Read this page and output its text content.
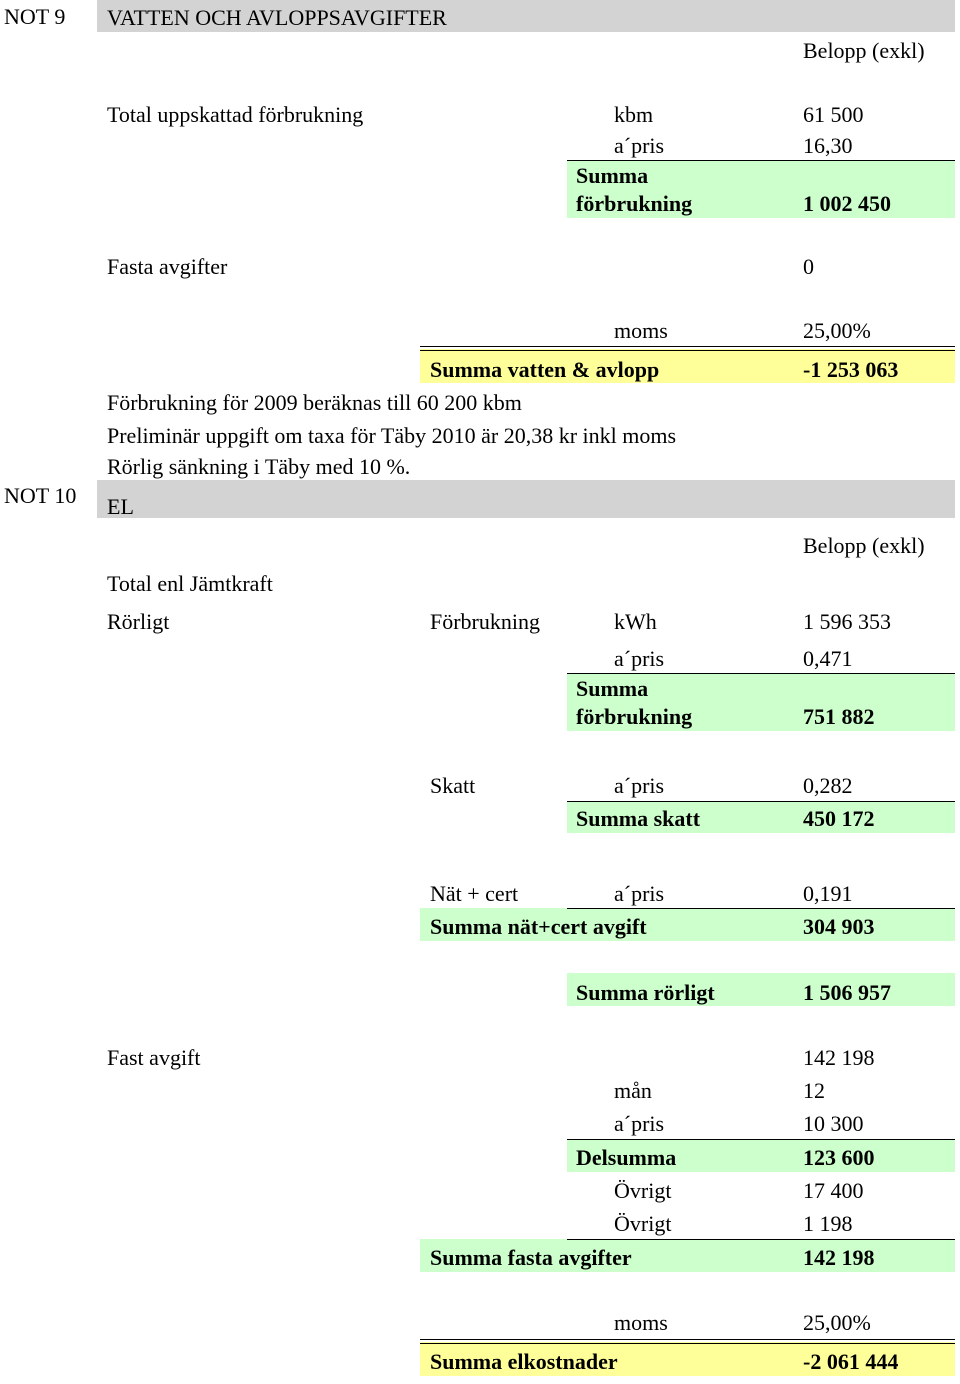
NOT 9 VATTEN OCH AVLOPPSAVGIFTER
Belopp (exkl)
Total uppskattad förbrukning	kbm	61 500
a´pris	16,30
Summa
förbrukning	1 002 450
Fasta avgifter	0
moms	25,00%
Summa vatten & avlopp	-1 253 063
Förbrukning för 2009 beräknas till 60 200 kbm
Preliminär uppgift om taxa för Täby 2010 är 20,38 kr inkl moms
Rörlig sänkning i Täby med 10 %.
NOT 10 EL
Belopp (exkl)
Total enl Jämtkraft
Rörligt	Förbrukning	kWh	1 596 353
a´pris	0,471
Summa
förbrukning	751 882
Skatt	a´pris	0,282
Summa skatt	450 172
Nät + cert	a´pris	0,191
Summa nät+cert avgift	304 903
Summa rörligt	1 506 957
Fast avgift	142 198
mån	12
a´pris	10 300
Delsumma	123 600
Övrigt	17 400
Övrigt	1 198
Summa fasta avgifter	142 198
moms	25,00%
Summa elkostnader	-2 061 444
